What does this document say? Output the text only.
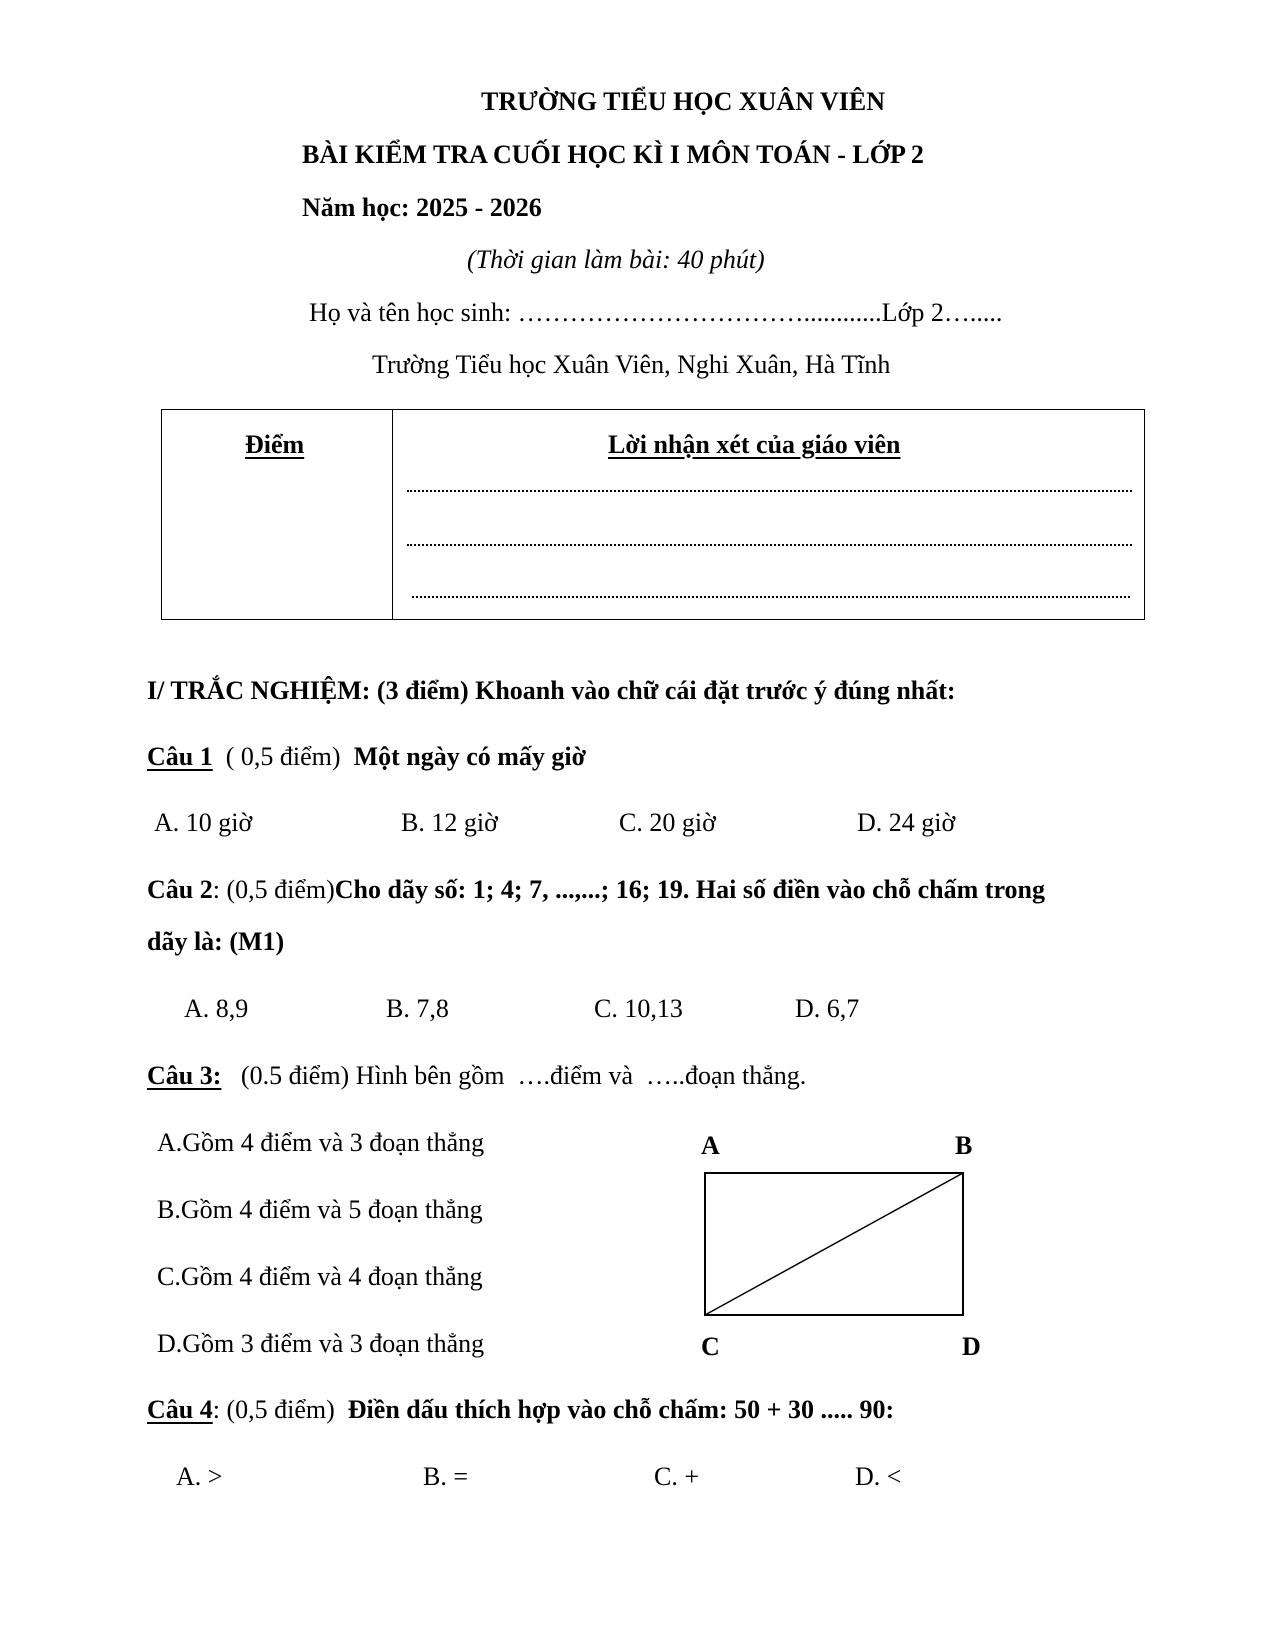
TRƯỜNG TIỂU HỌC XUÂN VIÊN
BÀI KIỂM TRA CUỐI HỌC KÌ I MÔN TOÁN - LỚP 2
Năm học: 2025 - 2026
(Thời gian làm bài: 40 phút)
Họ và tên học sinh: ……………………………............Lớp 2….....
Trường Tiểu học Xuân Viên, Nghi Xuân, Hà Tĩnh
Điểm	Lời nhận xét của giáo viên
I/ TRẮC NGHIỆM: (3 điểm) Khoanh vào chữ cái đặt trước ý đúng nhất:
Câu 1  ( 0,5 điểm)  Một ngày có mấy giờ
A. 10 giờ	B. 12 giờ	C. 20 giờ	D. 24 giờ
Câu 2: (0,5 điểm)Cho dãy số: 1; 4; 7, ...,...; 16; 19. Hai số điền vào chỗ chấm trong
dãy là: (M1)
A. 8,9	B. 7,8	C. 10,13	D. 6,7
Câu 3:   (0.5 điểm) Hình bên gồm  ….điểm và  …..đoạn thẳng.
A.Gồm 4 điểm và 3 đoạn thẳng
B.Gồm 4 điểm và 5 đoạn thẳng
C.Gồm 4 điểm và 4 đoạn thẳng
D.Gồm 3 điểm và 3 đoạn thẳng
A	B
C	D
Câu 4: (0,5 điểm)  Điền dấu thích hợp vào chỗ chấm: 50 + 30 ..... 90:
A. >	B. =	C. +	D. <
